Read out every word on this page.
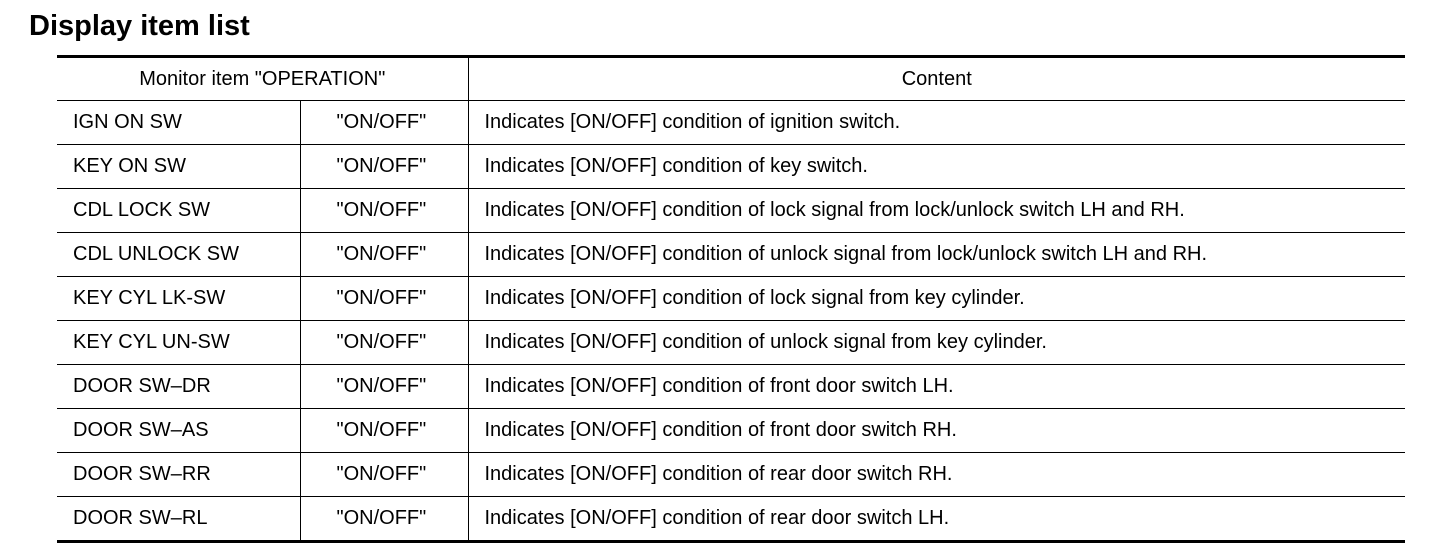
Display item list
Monitor item "OPERATION"		Content
IGN ON SW	"ON/OFF"	Indicates [ON/OFF] condition of ignition switch.
KEY ON SW	"ON/OFF"	Indicates [ON/OFF] condition of key switch.
CDL LOCK SW	"ON/OFF"	Indicates [ON/OFF] condition of lock signal from lock/unlock switch LH and RH.
CDL UNLOCK SW	"ON/OFF"	Indicates [ON/OFF] condition of unlock signal from lock/unlock switch LH and RH.
KEY CYL LK-SW	"ON/OFF"	Indicates [ON/OFF] condition of lock signal from key cylinder.
KEY CYL UN-SW	"ON/OFF"	Indicates [ON/OFF] condition of unlock signal from key cylinder.
DOOR SW–DR	"ON/OFF"	Indicates [ON/OFF] condition of front door switch LH.
DOOR SW–AS	"ON/OFF"	Indicates [ON/OFF] condition of front door switch RH.
DOOR SW–RR	"ON/OFF"	Indicates [ON/OFF] condition of rear door switch RH.
DOOR SW–RL	"ON/OFF"	Indicates [ON/OFF] condition of rear door switch LH.
